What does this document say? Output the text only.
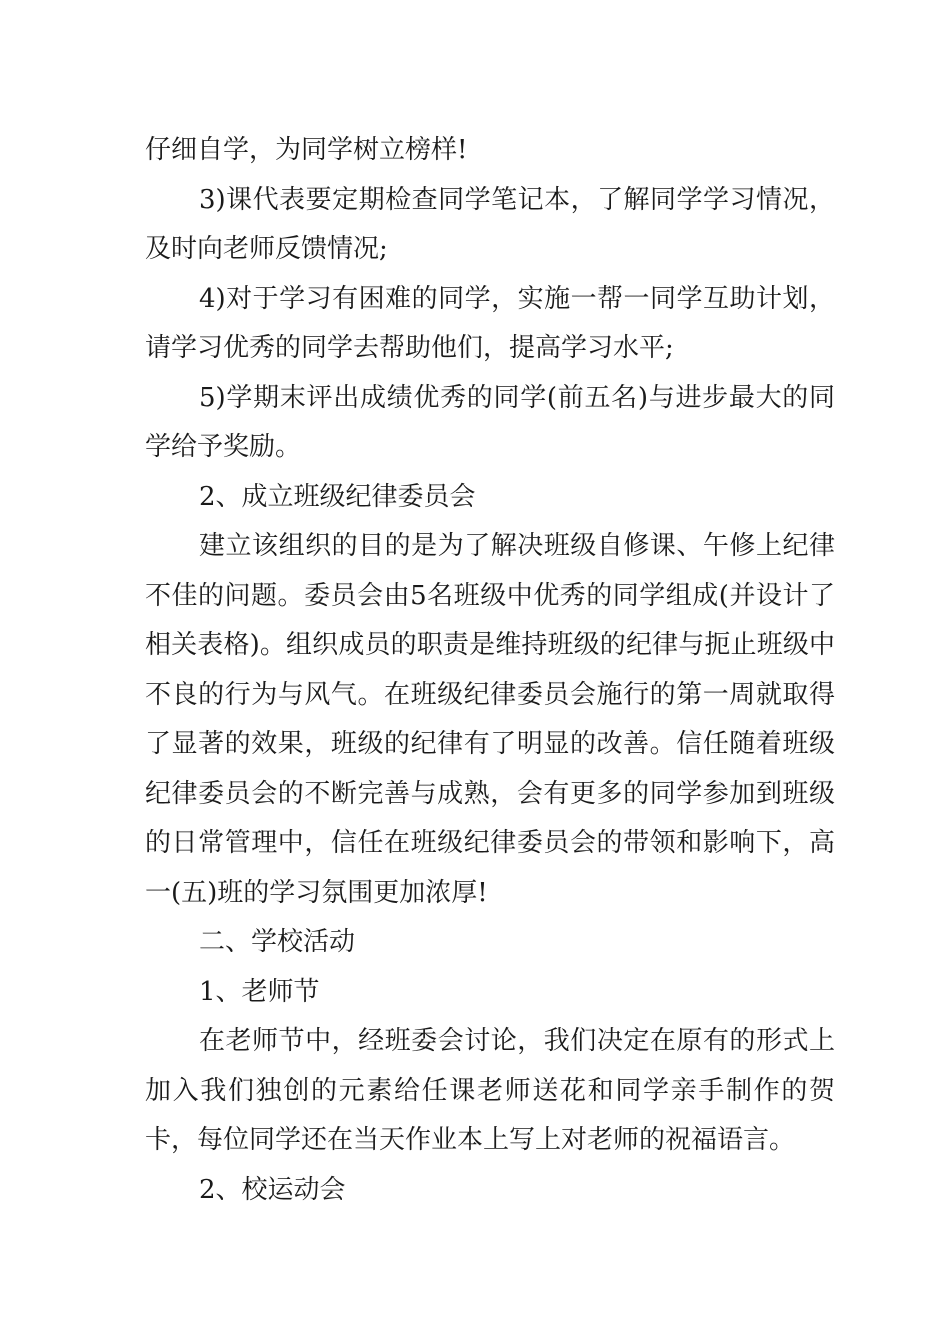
仔细自学，为同学树立榜样!

3)课代表要定期检查同学笔记本，了解同学学习情况，及时向老师反馈情况;

4)对于学习有困难的同学，实施一帮一同学互助计划，请学习优秀的同学去帮助他们，提高学习水平;

5)学期末评出成绩优秀的同学(前五名)与进步最大的同学给予奖励。

2、成立班级纪律委员会

建立该组织的目的是为了解决班级自修课、午修上纪律不佳的问题。委员会由5名班级中优秀的同学组成(并设计了相关表格)。组织成员的职责是维持班级的纪律与扼止班级中不良的行为与风气。在班级纪律委员会施行的第一周就取得了显著的效果，班级的纪律有了明显的改善。信任随着班级纪律委员会的不断完善与成熟，会有更多的同学参加到班级的日常管理中，信任在班级纪律委员会的带领和影响下，高一(五)班的学习氛围更加浓厚!

二、学校活动

1、老师节

在老师节中，经班委会讨论，我们决定在原有的形式上加入我们独创的元素给任课老师送花和同学亲手制作的贺卡，每位同学还在当天作业本上写上对老师的祝福语言。

2、校运动会
